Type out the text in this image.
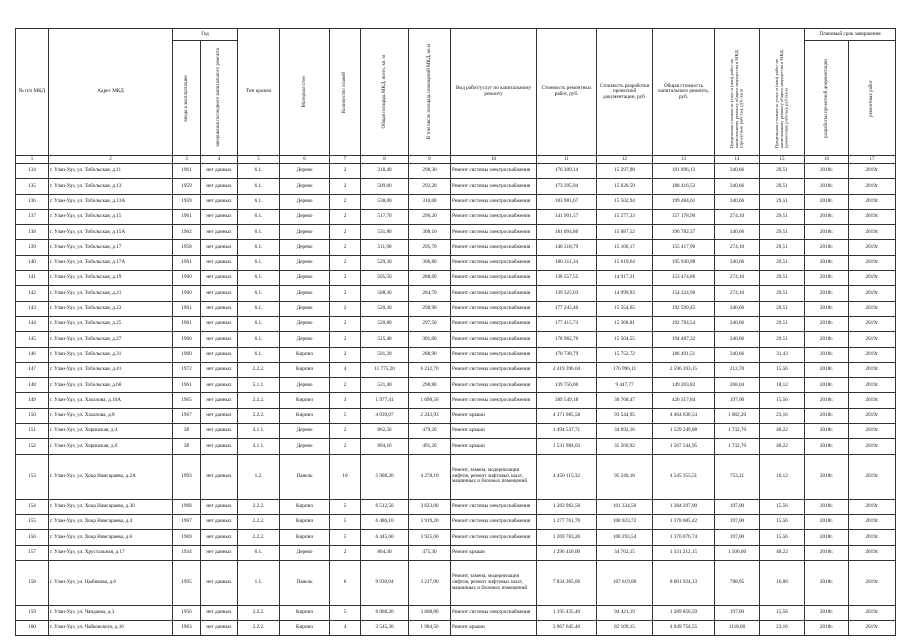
№ п/п МКД	Адрес МКД	Год		Тип кровли	Материал стен	Количество этажей	Общая площадь МКД, всего, кв. м	В том числе площадь помещений МКД, кв.м	Вид работ/услуг по капитальному ремонту	Стоимость ремонтных работ, руб.	Стоимость разработки проектной документации, руб.	Общая стоимость капитального ремонта, руб.	Предельная стоимость услуг и (или) работ по капитальному ремонту общего имущества в МКД (проектные работы), руб./кв.м	Предельная стоимость услуг и (или) работ по капитальному ремонту общего имущества в МКД (ремонтные работы), руб./кв.м	Плановый срок завершения	

		ввода в эксплуатацию	завершения последнего капитального ремонта												разработки проектной документации	ремонтных работ

1	2	3	4	5	6	7	8	9	10	11	12	13	14	15	16	17
134	г. Улан-Удэ, ул. Тобольская, д.11	1961	нет данных	6.1.	Дерево	2	318,40	298,30	Ремонт системы электроснабжения	176 309,14	15 297,98	191 896,13	340,66	29,51	2018г.	2019г.
135	г. Улан-Удэ, ул. Тобольская, д.13	1959	нет данных	6.1.	Дерево	2	509,00	292,20	Ремонт системы электроснабжения	173 395,94	15 020,59	188 416,53	340,66	29,51	2018г.	2019г.
136	г. Улан-Удэ, ул. Тобольская, д.13А	1959	нет данных	6.1.	Дерево	2	538,00	316,00	Ремонт системы электроснабжения	183 981,67	15 502,94	199 484,61	340,66	29,51	2018г.	2019г.
137	г. Улан-Удэ, ул. Тобольская, д.15	1961	нет данных	6.1.	Дерево	2	517,70	296,20	Ремонт системы электроснабжения	141 901,57	15 277,33	157 178,90	274,10	29,51	2018г.	2019г.
138	г. Улан-Удэ, ул. Тобольская, д.15А	1962	нет данных	6.1.	Дерево	2	531,80	308,10	Ремонт системы электроснабжения	181 094,86	15 687,52	196 782,37	340,66	29,51	2018г.	2019г.
139	г. Улан-Удэ, ул. Тобольская, д.17	1958	нет данных	6.1.	Дерево	2	511,90	295,70	Ремонт системы электроснабжения	140 318,79	15 106,17	155 417,96	274,10	29,51	2018г.	2019г.
140	г. Улан-Удэ, ул. Тобольская, д.17А	1961	нет данных	6.1.	Дерево	2	529,30	306,80	Ремонт системы электроснабжения	180 311,34	15 619,64	195 930,98	340,66	29,51	2018г.	2019г.
141	г. Улан-Удэ, ул. Тобольская, д.19	1960	нет данных	6.1.	Дерево	2	505,50	288,60	Ремонт системы электроснабжения	138 557,55	14 917,31	153 474,86	274,10	29,51	2018г.	2019г.
142	г. Улан-Удэ, ул. Тобольская, д.21	1960	нет данных	6.1.	Дерево	2	508,30	284,70	Ремонт системы электроснабжения	139 325,03	14 999,93	154 324,96	274,10	29,51	2018г.	2019г.
143	г. Улан-Удэ, ул. Тобольская, д.23	1961	нет данных	6.1.	Дерево	2	520,30	298,90	Ремонт системы электроснабжения	177 245,40	15 354,05	192 599,45	340,66	29,51	2018г.	2019г.
144	г. Улан-Удэ, ул. Тобольская, д.25	1961	нет данных	6.1.	Дерево	2	520,80	297,50	Ремонт системы электроснабжения	177 415,73	15 368,81	192 784,54	340,66	29,51	2018г.	2019г.
145	г. Улан-Удэ, ул. Тобольская, д.27	1960	нет данных	6.1.	Дерево	2	525,40	301,00	Ремонт системы электроснабжения	178 982,76	15 504,55	194 487,32	340,66	29,51	2018г.	2019г.
146	г. Улан-Удэ, ул. Тобольская, д.31	1960	нет данных	6.1.	Кирпич	2	501,20	288,90	Ремонт системы электроснабжения	170 738,79	15 752,72	186 491,51	340,66	31,43	2018г.	2019г.
147	г. Улан-Удэ, ул. Тобольская, д.41	1972	нет данных	2.2.2.	Кирпич	4	11 775,20	6 212,70	Ремонт системы электроснабжения	2 419 396,04	176 996,11	2 596 393,15	212,70	15,56	2018г.	2019г.
148	г. Улан-Удэ, ул. Тобольская, д.6б	1961	нет данных	5.1.1.	Дерево	2	521,40	298,80	Ремонт системы электроснабжения	139 756,06	9 447,77	149 203,82	268,04	18,12	2018г.	2019г.
149	г. Улан-Удэ, ул. Хахалова, д.10А	1965	нет данных	2.2.2.	Кирпич	3	1 977,41	1 098,56	Ремонт системы электроснабжения	389 549,18	30 768,47	420 317,84	197,00	15,56	2018г.	2019г.
150	г. Улан-Удэ, ул. Хахалова, д.8	1967	нет данных	2.2.2.	Кирпич	5	4 039,07	2 243,93	Ремонт крыши	4 371 085,58	93 544,95	4 464 630,54	1 082,20	23,16	2018г.	2019г.
151	г. Улан-Удэ, ул. Хоринская, д.4	38	нет данных	4.1.1.	Дерево	2	862,56	479,20	Ремонт крыши	1 494 537,71	34 692,16	1 529 249,88	1 732,70	40,22	2018г.	2019г.
152	г. Улан-Удэ, ул. Хоринская, д.6	38	нет данных	4.1.1.	Дерево	2	894,16	491,20	Ремонт крыши	1 531 984,03	35 560,92	1 567 544,95	1 732,70	40,22	2018г.	2019г.
153	г. Улан-Удэ, ул. Хоца Намсараева, д.2А	1993	нет данных	1.2.	Панель	10	5 908,20	4 278,10	Ремонт, замена, модернизация лифтов, ремонт лифтовых шахт, машинных и блочных помещений	4 450 115,32	95 240,18	4 545 355,51	753,21	16,12	2018г.	2019г.
154	г. Улан-Удэ, ул. Хоца Намсараева, д.30	1968	нет данных	2.2.2.	Кирпич	5	6 512,50	3 623,00	Ремонт системы электроснабжения	1 282 962,50	101 334,50	1 384 297,00	197,00	15,56	2018г.	2019г.
155	г. Улан-Удэ, ул. Хоца Намсараева, д.4	1967	нет данных	2.2.2.	Кирпич	5	6 486,10	3 919,20	Ремонт системы электроснабжения	1 277 761,70	100 923,72	1 378 685,42	197,00	15,56	2018г.	2019г.
156	г. Улан-Удэ, ул. Хоца Намсараева, д.6	1969	нет данных	2.2.2.	Кирпич	5	6 445,60	3 925,60	Ремонт системы электроснабжения	1 269 783,20	100 293,54	1 370 076,74	197,00	15,56	2018г.	2019г.
157	г. Улан-Удэ, ул. Хрустальная, д.17	1934	нет данных	6.1.	Дерево	2	864,30	475,30	Ремонт крыши	1 296 450,00	34 762,15	1 331 212,15	1 500,00	40,22	2018г.	2019г.
158	г. Улан-Удэ, ул. Цыбикова, д.6	1995	нет данных	1.1.	Панель	6	9 930,04	3 217,00	Ремонт, замена, модернизация лифтов, ремонт лифтовых шахт, машинных и блочных помещений	7 834 305,06	167 619,08	8 001 924,13	788,95	16,88	2018г.	2019г.
159	г. Улан-Удэ, ул. Чандаева, д.3	1956	нет данных	2.2.2.	Кирпич	5	6 068,20	3 668,80	Ремонт системы электроснабжения	1 195 435,40	94 421,19	1 289 856,59	197,00	15,56	2018г.	2019г.
160	г. Улан-Удэ, ул. Чайковского, д.16	1963	нет данных	2.2.2.	Кирпич	4	3 545,30	1 984,56	Ремонт крыши	3 967 645,40	82 109,15	4 049 754,55	1118,00	23,16	2018г.	2019г.
